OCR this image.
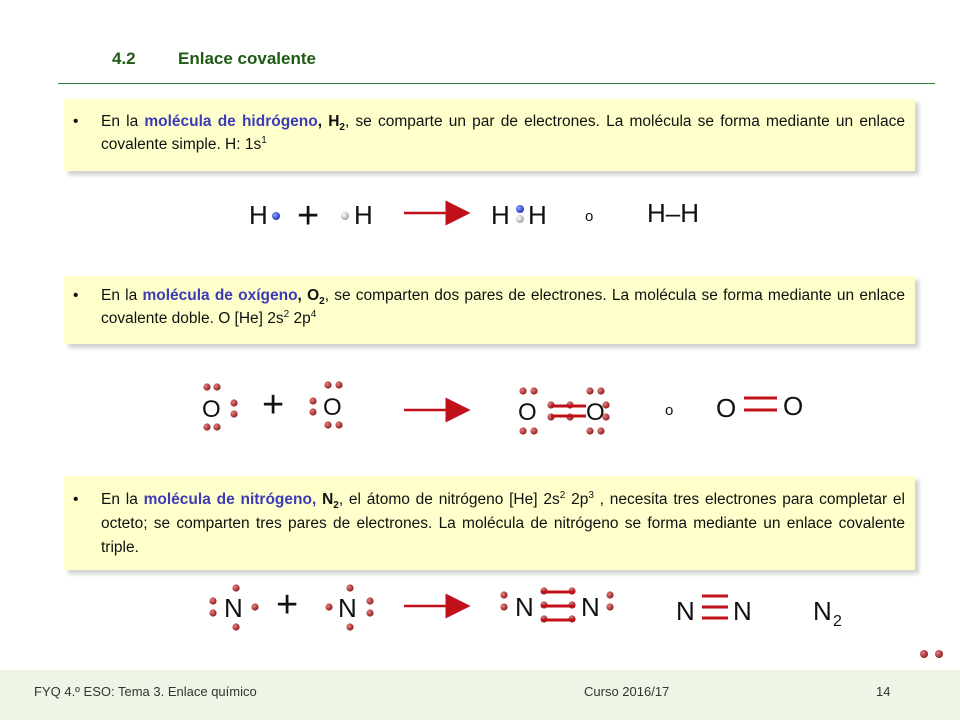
4.2 Enlace covalente
• En la molécula de hidrógeno, $H_2$, se comparte un par de electrones. La molécula se forma mediante un enlace covalente simple. H: $1s^1$
H + H	H H	o H–H
• En la molécula de oxígeno, $O_2$, se comparten dos pares de electrones. La molécula se forma mediante un enlace covalente doble. O [He] $2s^2$ $2p^4$
O + O	O O	o O O
• En la molécula de nitrógeno, $N_2$, el átomo de nitrógeno [He] $2s^2$ $2p^3$ , necesita tres electrones para completar el octeto; se comparten tres pares de electrones. La molécula de nitrógeno se forma mediante un enlace covalente triple.
N + N	N N	N N N 2
FYQ 4.º ESO: Tema 3. Enlace químico	Curso 2016/17	14
